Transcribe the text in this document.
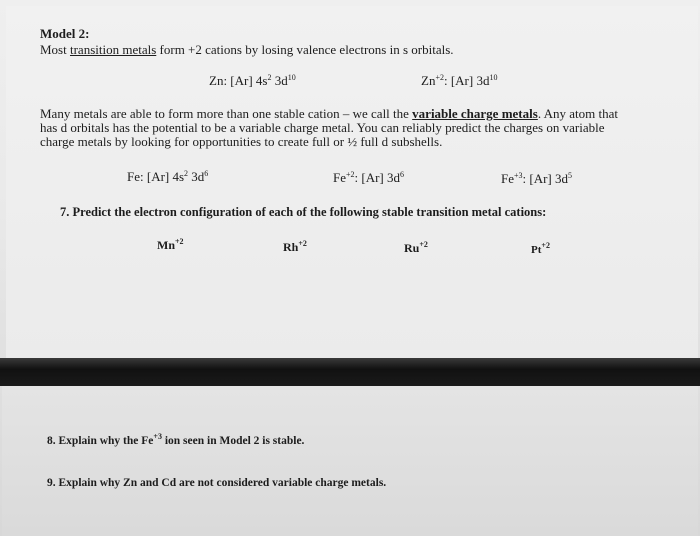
Model 2:
Most transition metals form +2 cations by losing valence electrons in s orbitals.
Zn: [Ar] $4s^2$ $3d^{10}$	$Zn^{+2}$: [Ar] $3d^{10}$
Many metals are able to form more than one stable cation – we call the variable charge metals. Any atom that
has d orbitals has the potential to be a variable charge metal. You can reliably predict the charges on variable
charge metals by looking for opportunities to create full or ½ full d subshells.
Fe: [Ar] $4s^2$ $3d^6$	$Fe^{+2}$: [Ar] $3d^6$	$Fe^{+3}$: [Ar] $3d^5$
7. Predict the electron configuration of each of the following stable transition metal cations:
$Mn^{+2}$	$Rh^{+2}$	$Ru^{+2}$	$Pt^{+2}$
8. Explain why the $Fe^{+3}$ ion seen in Model 2 is stable.
9. Explain why Zn and Cd are not considered variable charge metals.
